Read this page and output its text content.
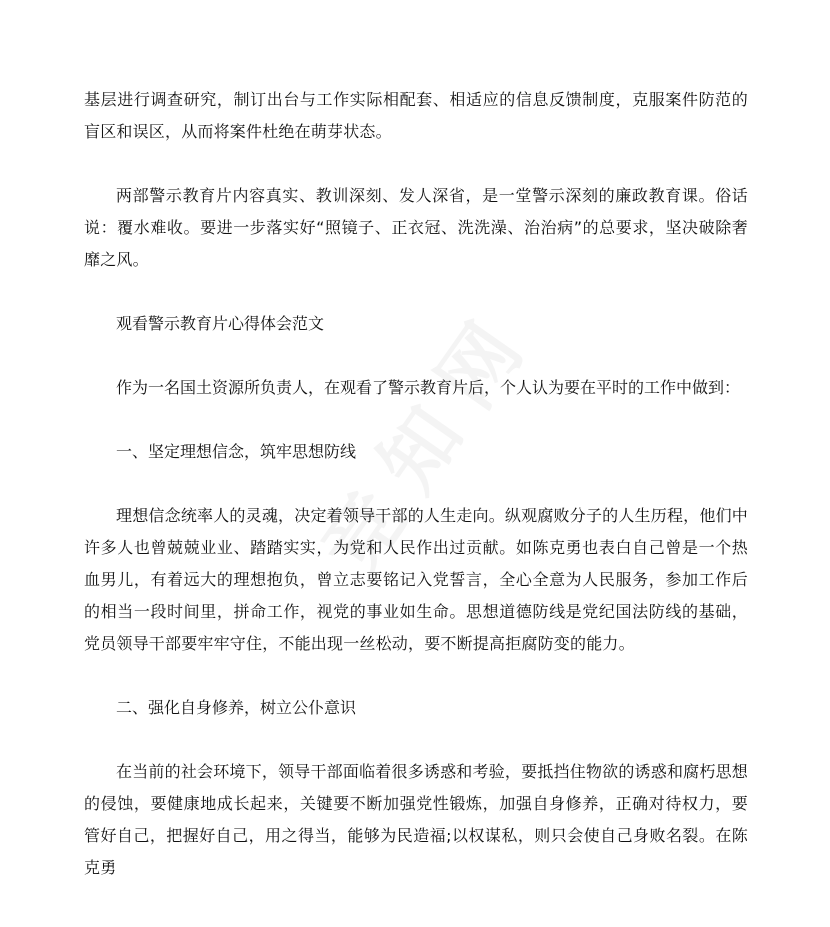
基层进行调查研究，制订出台与工作实际相配套、相适应的信息反馈制度，克服案件防范的盲区和误区，从而将案件杜绝在萌芽状态。

两部警示教育片内容真实、教训深刻、发人深省，是一堂警示深刻的廉政教育课。俗话说：覆水难收。要进一步落实好“照镜子、正衣冠、洗洗澡、治治病”的总要求，坚决破除奢靡之风。

观看警示教育片心得体会范文

作为一名国土资源所负责人，在观看了警示教育片后，个人认为要在平时的工作中做到：

一、坚定理想信念，筑牢思想防线

理想信念统率人的灵魂，决定着领导干部的人生走向。纵观腐败分子的人生历程，他们中许多人也曾兢兢业业、踏踏实实，为党和人民作出过贡献。如陈克勇也表白自己曾是一个热血男儿，有着远大的理想抱负，曾立志要铭记入党誓言，全心全意为人民服务，参加工作后的相当一段时间里，拼命工作，视党的事业如生命。思想道德防线是党纪国法防线的基础，党员领导干部要牢牢守住，不能出现一丝松动，要不断提高拒腐防变的能力。

二、强化自身修养，树立公仆意识

在当前的社会环境下，领导干部面临着很多诱惑和考验，要抵挡住物欲的诱惑和腐朽思想的侵蚀，要健康地成长起来，关键要不断加强党性锻炼，加强自身修养，正确对待权力，要管好自己，把握好自己，用之得当，能够为民造福;以权谋私，则只会使自己身败名裂。在陈克勇
